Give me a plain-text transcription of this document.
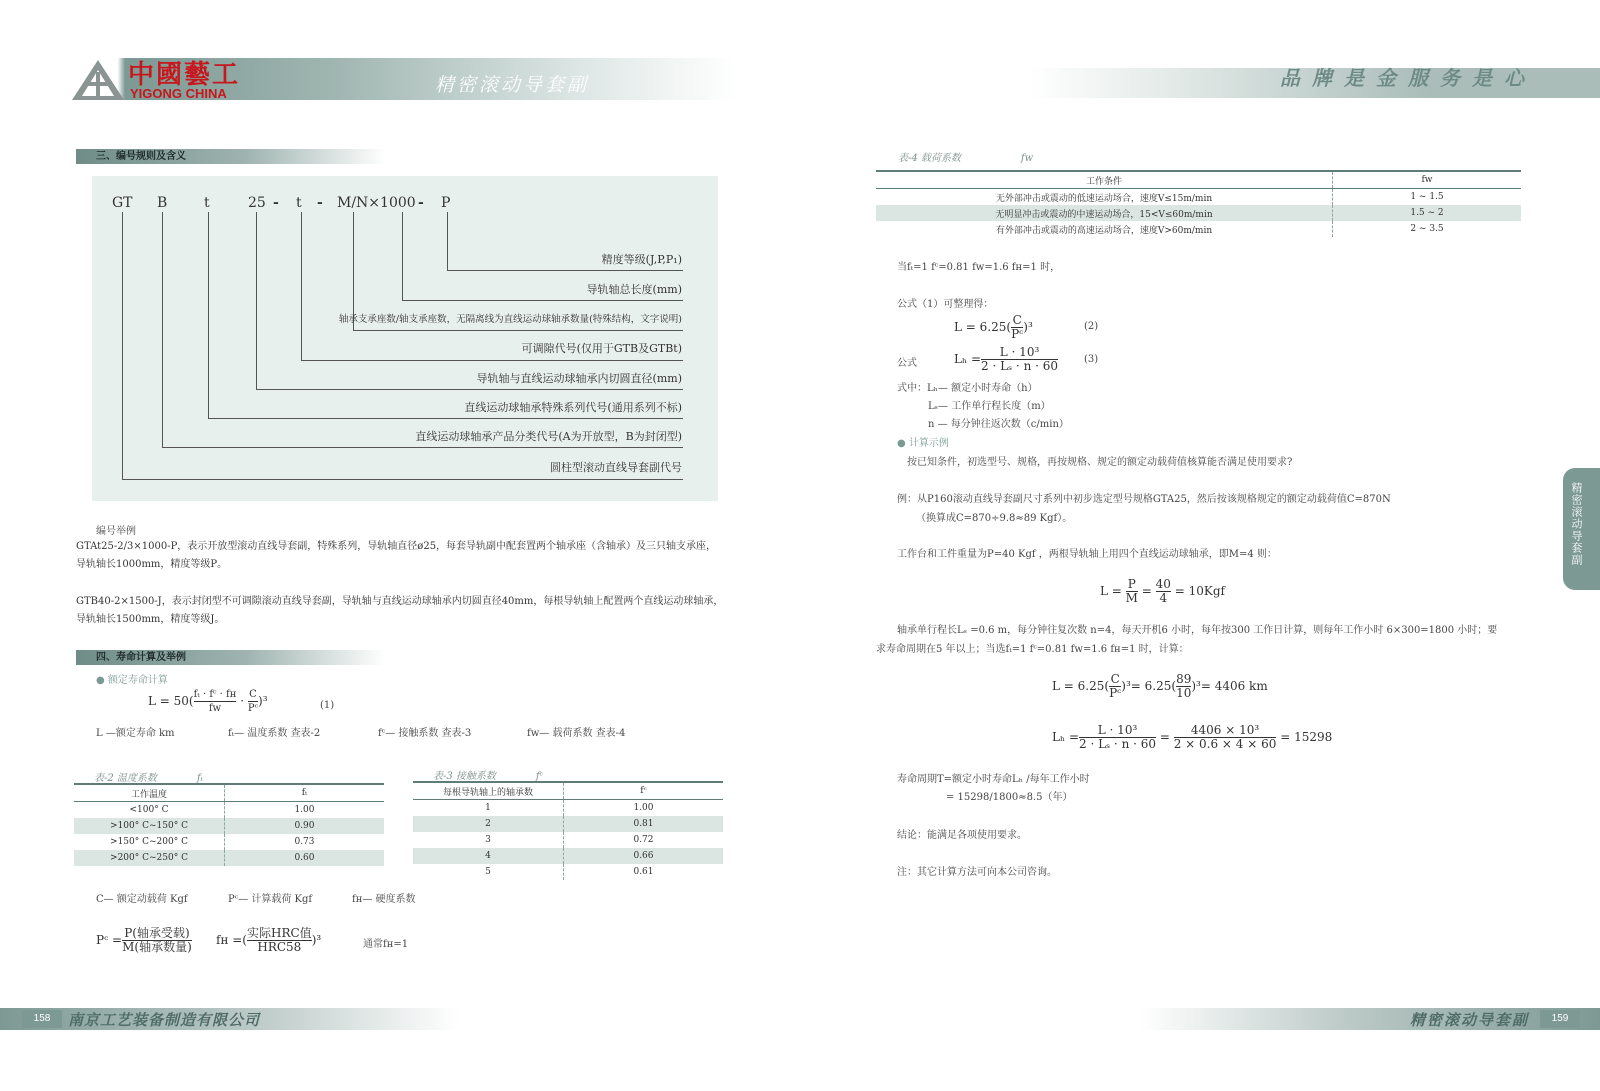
中國藝工
YIGONG CHINA	精密滚动导套副	品牌是金服务是心
三、编号规则及含义
GT B	t	25 - t - M/N×1000 - P
精度等级(J,P,P₁)
导轨轴总长度(mm)
轴承支承座数/轴支承座数，无隔离线为直线运动球轴承数量(特殊结构，文字说明)
可调隙代号(仅用于GTB及GTBt)
导轨轴与直线运动球轴承内切圆直径(mm)
直线运动球轴承特殊系列代号(通用系列不标)
直线运动球轴承产品分类代号(A为开放型，B为封闭型)
圆柱型滚动直线导套副代号
编号举例
GTAt25-2/3×1000-P，表示开放型滚动直线导套副，特殊系列，导轨轴直径ø25，每套导轨副中配套置两个轴承座（含轴承）及三只轴支承座，导轨轴长1000mm，精度等级P。
GTB40-2×1500-J，表示封闭型不可调隙滚动直线导套副，导轨轴与直线运动球轴承内切圆直径40mm，每根导轨轴上配置两个直线运动球轴承，导轨轴长1500mm，精度等级J。
四、寿命计算及举例
● 额定寿命计算
$L = 50( \frac{\text{fₜ · fᶜ · fʜ}}{\text{fᴡ}} \cdot \frac{C}{\text{Pᶜ}} )^3$	(1)
L —额定寿命 km	fₜ— 温度系数 查表-2	fᶜ— 接触系数 查表-3	fᴡ— 载荷系数 查表-4
表-2 温度系数	fₜ
工作温度	fₜ
<100° C	1.00
>100° C~150° C	0.90
>150° C~200° C	0.73
>200° C~250° C	0.60
表-3 接触系数	fᶜ
每根导轨轴上的轴承数	fᶜ
1	1.00
2	0.81
3	0.72
4	0.66
5	0.61
C— 额定动载荷 Kgf	Pᶜ— 计算载荷 Kgf	fʜ— 硬度系数
Pᶜ = $\frac{\text{P(轴承受载)}}{\text{M(轴承数量)}}$ fʜ =( $\frac{\text{实际HRC值}}{\text{HRC58}} )^3$	通常fʜ=1
表-4 载荷系数	fᴡ
工作条件	fᴡ
无外部冲击或震动的低速运动场合，速度V≤15m/min	1 ~ 1.5
无明显冲击或震动的中速运动场合，15<V≤60m/min	1.5 ~ 2
有外部冲击或震动的高速运动场合，速度V>60m/min	2 ~ 3.5
当fₜ=1 fᶜ=0.81 fᴡ=1.6 fʜ=1 时，
公式（1）可整理得：
$L = 6.25( \frac{C}{\text{Pᶜ}} )^3$	(2)
公式	$L_h = \frac{\text{L · 10³}}{\text{2 · Lₛ · n · 60}}$	(3)
式中：Lₕ— 额定小时寿命（h）
Lₛ— 工作单行程长度（m）
n — 每分钟往返次数（c/min）
● 计算示例
按已知条件，初选型号、规格，再按规格、规定的额定动载荷值核算能否满足使用要求?
例：从P160滚动直线导套副尺寸系列中初步选定型号规格GTA25，然后按该规格规定的额定动载荷值C=870N
（换算成C=870÷9.8≈89 Kgf）。
工作台和工件重量为P=40 Kgf ，两根导轨轴上用四个直线运动球轴承，即M=4 则：
$L = \frac{P}{M} = \frac{40}{4} = 10Kgf$
轴承单行程长Lₛ =0.6 m，每分钟往复次数 n=4，每天开机6 小时，每年按300 工作日计算，则每年工作小时 6×300=1800 小时；要
求寿命周期在5 年以上；当选fₜ=1 fᶜ=0.81 fᴡ=1.6 fʜ=1 时，计算：
$L = 6.25( \frac{C}{\text{Pᶜ}} )^3= 6.25( \frac{89}{10} )^3= 4406$ km
$L_h = \frac{\text{L · 10³}}{\text{2 · Lₛ · n · 60}} = \frac{\text{4406 × 10³}}{2 \times 0.6 \times 4 \times 60} = 15298$
寿命周期T=额定小时寿命Lₕ /每年工作小时
= 15298/1800≈8.5（年）
结论：能满足各项使用要求。
注：其它计算方法可向本公司咨询。
精密滚动导套副
158	159
南京工艺装备制造有限公司	精密滚动导套副
